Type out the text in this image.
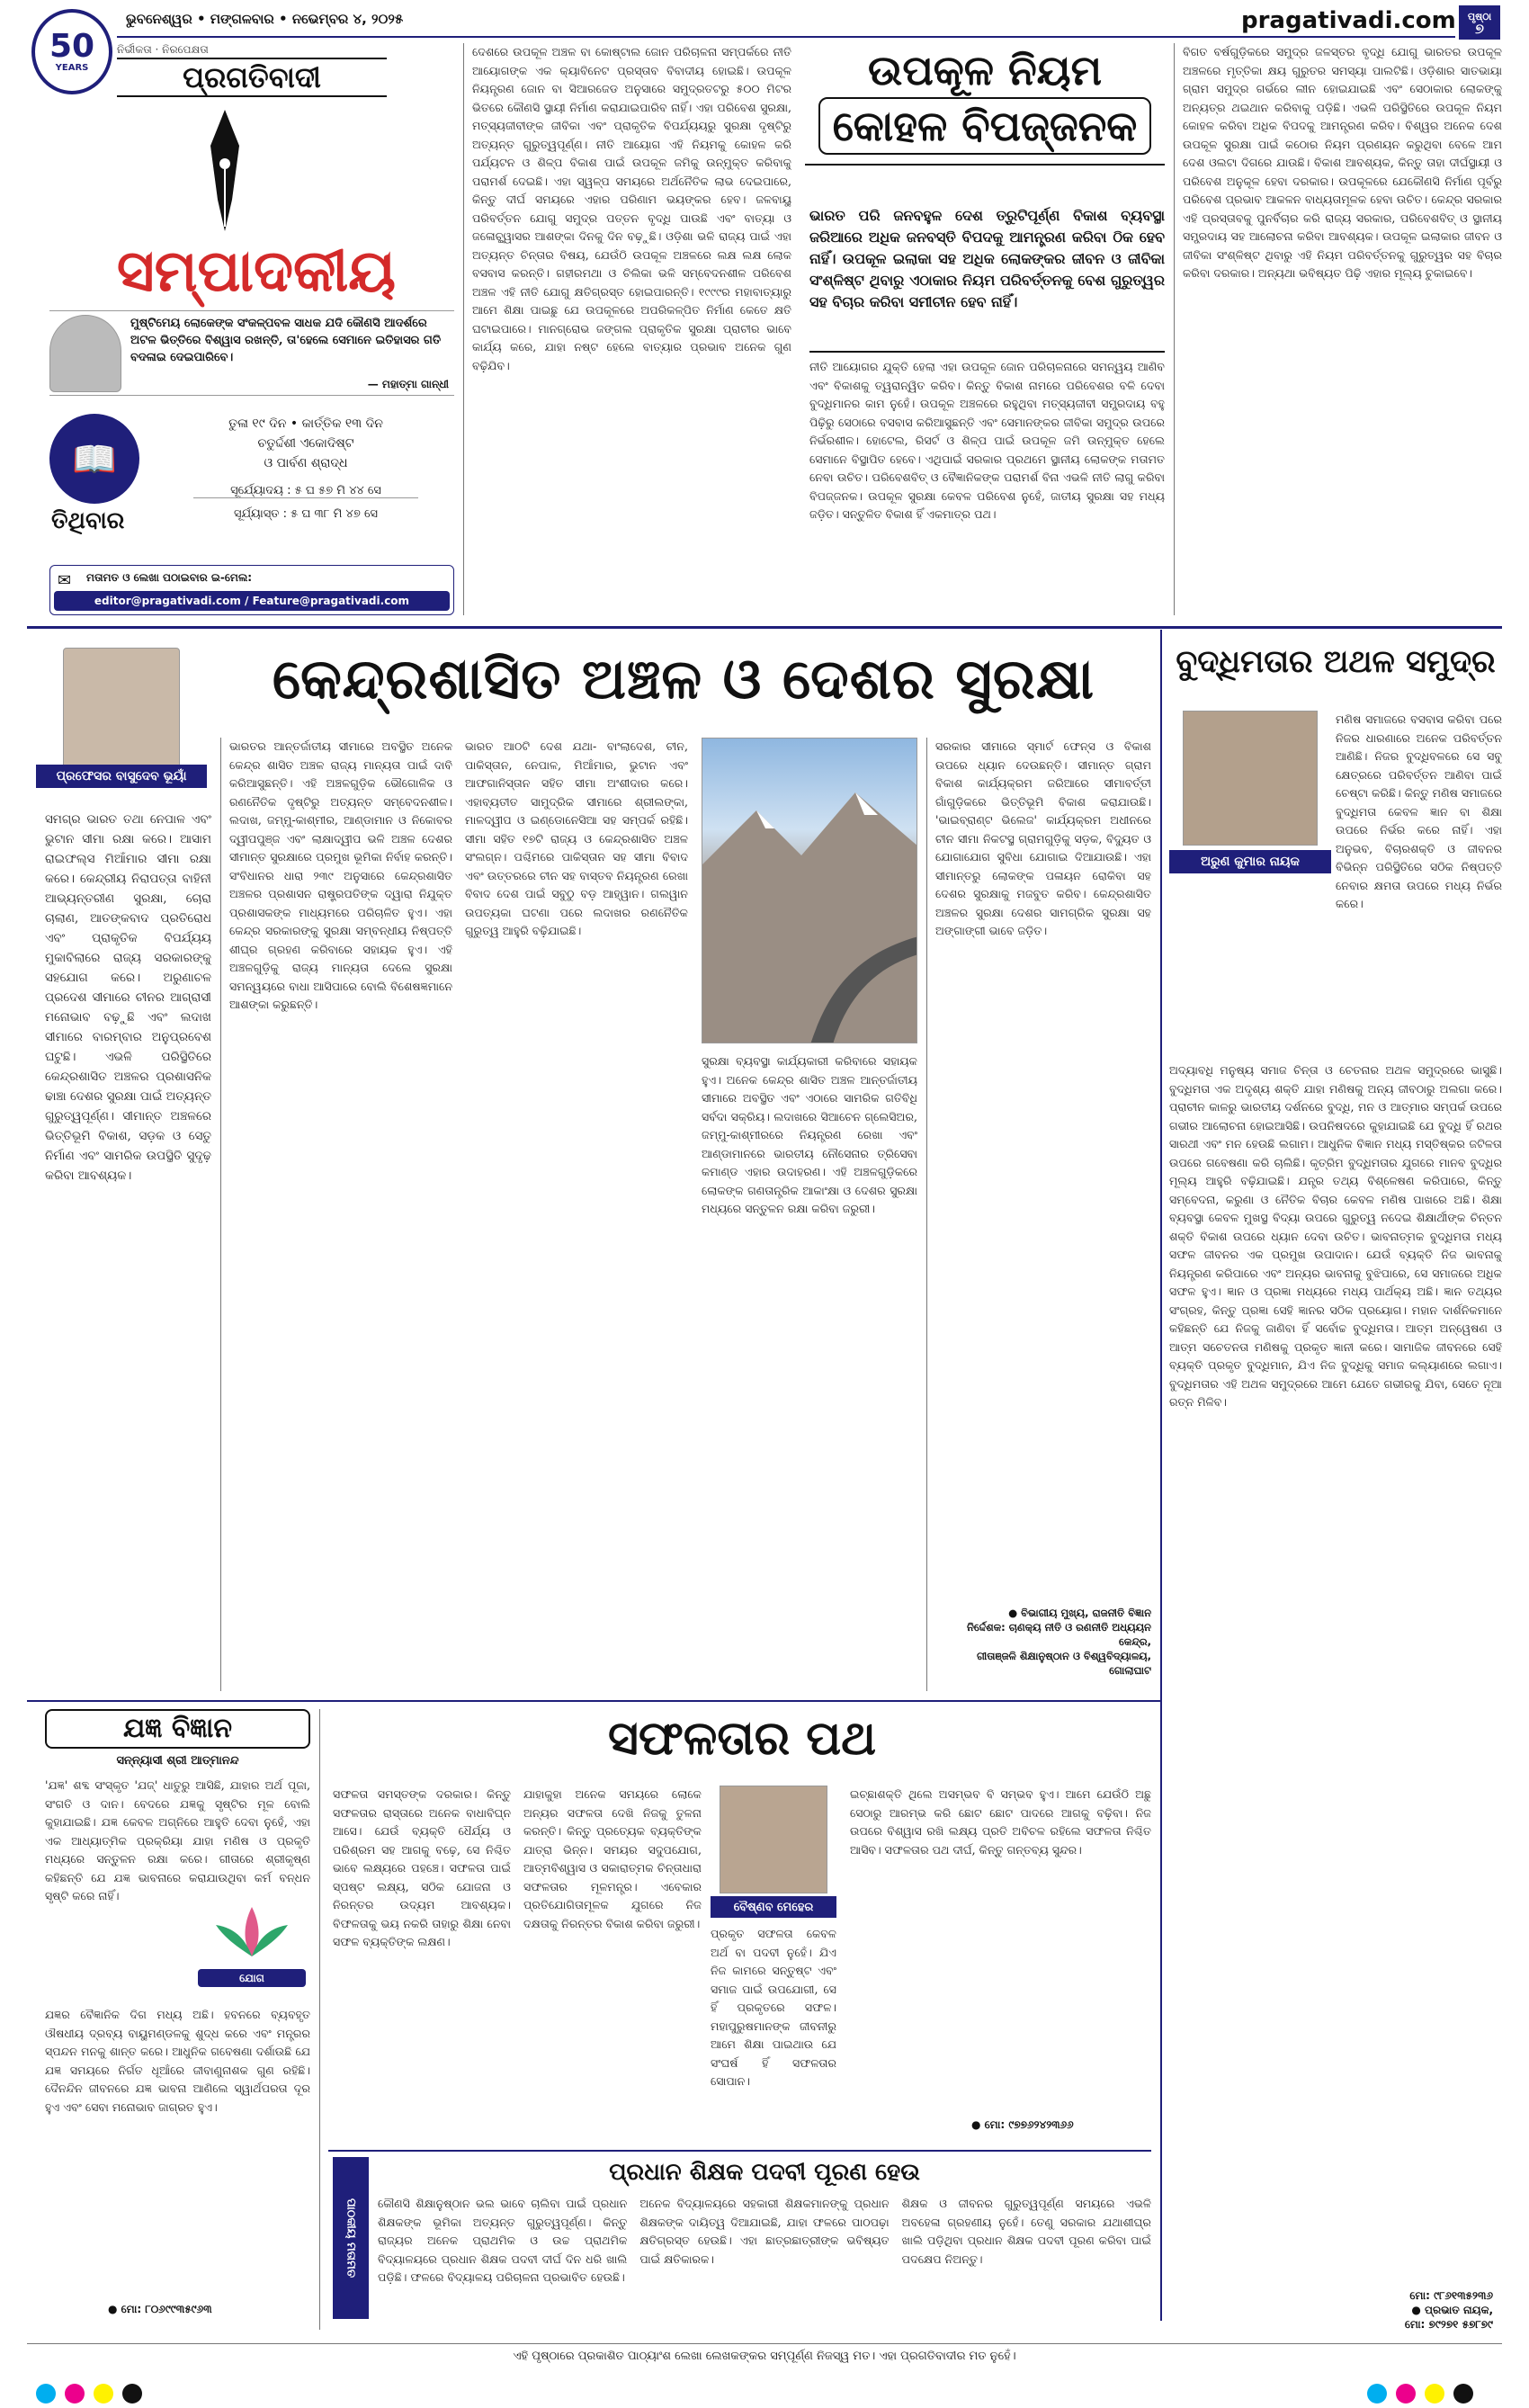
50
YEARS
ଭୁବନେଶ୍ୱର • ମଙ୍ଗଳବାର • ନଭେମ୍ବର ୪, ୨୦୨୫	pragativadi.com ପୃଷ୍ଠା
୭
ନିର୍ଭୀକତା · ନିରପେକ୍ଷତା
ପ୍ରଗତିବାଦୀ
ସମ୍ପାଦକୀୟ
ମୁଷ୍ଟିମେୟ ଲୋକେଙ୍କ ସଂକଳ୍ପବଳ ସାଧକ ଯଦି କୌଣସି ଆଦର୍ଶରେ ଅଟଳ ଭିତ୍ତିରେ ବିଶ୍ୱାସ ରଖନ୍ତି, ତା'ହେଲେ ସେମାନେ ଇତିହାସର ଗତି ବଦଳାଇ ଦେଇପାରିବେ।
— ମହାତ୍ମା ଗାନ୍ଧୀ
📖
ତିଥିବାର
ତୁଳା ୧୯ ଦିନ • କାର୍ତ୍ତିକ ୧୩ ଦିନ
ଚତୁର୍ଦ୍ଦଶୀ ଏକୋଦିଷ୍ଟ
ଓ ପାର୍ବଣ ଶ୍ରାଦ୍ଧ
ସୂର୍ଯ୍ୟୋଦୟ : ୫ ଘ ୫୭ ମି ୪୪ ସେ
ସୂର୍ଯ୍ୟାସ୍ତ : ୫ ଘ ୩୮ ମି ୪୭ ସେ
✉ ମତାମତ ଓ ଲେଖା ପଠାଇବାର ଇ-ମେଲ:
editor@pragativadi.com / Feature@pragativadi.com
ଦେଶରେ ଉପକୂଳ ଅଞ୍ଚଳ ବା କୋଷ୍ଟାଲ ଜୋନ ପରିଚାଳନା ସମ୍ପର୍କରେ ନୀତି ଆୟୋଗଙ୍କ ଏକ କ୍ୟାବିନେଟ ପ୍ରସ୍ତାବ ବିବାଦୀୟ ହୋଇଛି। ଉପକୂଳ ନିୟନ୍ତ୍ରଣ ଜୋନ ବା ସିଆରଜେଡ ଅନୁସାରେ ସମୁଦ୍ରତଟରୁ ୫୦୦ ମିଟର ଭିତରେ କୌଣସି ସ୍ଥାୟୀ ନିର୍ମାଣ କରାଯାଇପାରିବ ନାହିଁ। ଏହା ପରିବେଶ ସୁରକ୍ଷା, ମତ୍ସ୍ୟଜୀବୀଙ୍କ ଜୀବିକା ଏବଂ ପ୍ରାକୃତିକ ବିପର୍ଯ୍ୟୟରୁ ସୁରକ୍ଷା ଦୃଷ୍ଟିରୁ ଅତ୍ୟନ୍ତ ଗୁରୁତ୍ୱପୂର୍ଣ୍ଣ। ନୀତି ଆୟୋଗ ଏହି ନିୟମକୁ କୋହଳ କରି ପର୍ଯ୍ୟଟନ ଓ ଶିଳ୍ପ ବିକାଶ ପାଇଁ ଉପକୂଳ ଜମିକୁ ଉନ୍ମୁକ୍ତ କରିବାକୁ ପରାମର୍ଶ ଦେଇଛି। ଏହା ସ୍ୱଳ୍ପ ସମୟରେ ଅର୍ଥନୈତିକ ଲାଭ ଦେଇପାରେ, କିନ୍ତୁ ଦୀର୍ଘ ସମୟରେ ଏହାର ପରିଣାମ ଭୟଙ୍କର ହେବ। ଜଳବାୟୁ ପରିବର୍ତ୍ତନ ଯୋଗୁ ସମୁଦ୍ର ପତ୍ତନ ବୃଦ୍ଧି ପାଉଛି ଏବଂ ବାତ୍ୟା ଓ ଜଳୋଚ୍ଛ୍ୱାସର ଆଶଙ୍କା ଦିନକୁ ଦିନ ବଢ଼ୁଛି। ଓଡ଼ିଶା ଭଳି ରାଜ୍ୟ ପାଇଁ ଏହା ଅତ୍ୟନ୍ତ ଚିନ୍ତାର ବିଷୟ, ଯେଉଁଠି ଉପକୂଳ ଅଞ୍ଚଳରେ ଲକ୍ଷ ଲକ୍ଷ ଲୋକ ବସବାସ କରନ୍ତି। ଗହୀରମଥା ଓ ଚିଲିକା ଭଳି ସମ୍ବେଦନଶୀଳ ପରିବେଶ ଅଞ୍ଚଳ ଏହି ନୀତି ଯୋଗୁ କ୍ଷତିଗ୍ରସ୍ତ ହୋଇପାରନ୍ତି। ୧୯୯୯ର ମହାବାତ୍ୟାରୁ ଆମେ ଶିକ୍ଷା ପାଇଛୁ ଯେ ଉପକୂଳରେ ଅପରିକଳ୍ପିତ ନିର୍ମାଣ କେତେ କ୍ଷତି ଘଟାଇପାରେ। ମାନଗ୍ରୋଭ ଜଙ୍ଗଲ ପ୍ରାକୃତିକ ସୁରକ୍ଷା ପ୍ରାଚୀର ଭାବେ କାର୍ଯ୍ୟ କରେ, ଯାହା ନଷ୍ଟ ହେଲେ ବାତ୍ୟାର ପ୍ରଭାବ ଅନେକ ଗୁଣ ବଢ଼ିଯିବ।
ଉପକୂଳ ନିୟମ
କୋହଳ ବିପଜ୍ଜନକ
ଭାରତ ପରି ଜନବହୁଳ ଦେଶ ତ୍ରୁଟିପୂର୍ଣ୍ଣ ବିକାଶ ବ୍ୟବସ୍ଥା ଜରିଆରେ ଅଧିକ ଜନବସ୍ତି ବିପଦକୁ ଆମନ୍ତ୍ରଣ କରିବା ଠିକ ହେବ ନାହିଁ। ଉପକୂଳ ଇଲାକା ସହ ଅଧିକ ଲୋକଙ୍କର ଜୀବନ ଓ ଜୀବିକା ସଂଶ୍ଳିଷ୍ଟ ଥିବାରୁ ଏଠାକାର ନିୟମ ପରିବର୍ତ୍ତନକୁ ବେଶ ଗୁରୁତ୍ୱର ସହ ବିଚାର କରିବା ସମୀଚୀନ ହେବ ନାହିଁ।
ନୀତି ଆୟୋଗର ଯୁକ୍ତି ହେଲା ଏହା ଉପକୂଳ ଜୋନ ପରିଚାଳନାରେ ସମନ୍ୱୟ ଆଣିବ ଏବଂ ବିକାଶକୁ ତ୍ୱରାନ୍ୱିତ କରିବ। କିନ୍ତୁ ବିକାଶ ନାମରେ ପରିବେଶର ବଳି ଦେବା ବୁଦ୍ଧିମାନର କାମ ନୁହେଁ। ଉପକୂଳ ଅଞ୍ଚଳରେ ରହୁଥିବା ମତ୍ସ୍ୟଜୀବୀ ସମ୍ପ୍ରଦାୟ ବହୁ ପିଢ଼ିରୁ ସେଠାରେ ବସବାସ କରିଆସୁଛନ୍ତି ଏବଂ ସେମାନଙ୍କର ଜୀବିକା ସମୁଦ୍ର ଉପରେ ନିର୍ଭରଶୀଳ। ହୋଟେଲ, ରିସର୍ଟ ଓ ଶିଳ୍ପ ପାଇଁ ଉପକୂଳ ଜମି ଉନ୍ମୁକ୍ତ ହେଲେ ସେମାନେ ବିସ୍ଥାପିତ ହେବେ। ଏଥିପାଇଁ ସରକାର ପ୍ରଥମେ ସ୍ଥାନୀୟ ଲୋକଙ୍କ ମତାମତ ନେବା ଉଚିତ। ପରିବେଶବିତ୍ ଓ ବୈଜ୍ଞାନିକଙ୍କ ପରାମର୍ଶ ବିନା ଏଭଳି ନୀତି ଲାଗୁ କରିବା ବିପଜ୍ଜନକ। ଉପକୂଳ ସୁରକ୍ଷା କେବଳ ପରିବେଶ ନୁହେଁ, ଜାତୀୟ ସୁରକ୍ଷା ସହ ମଧ୍ୟ ଜଡ଼ିତ। ସନ୍ତୁଳିତ ବିକାଶ ହିଁ ଏକମାତ୍ର ପଥ।
ବିଗତ ବର୍ଷଗୁଡ଼ିକରେ ସମୁଦ୍ର ଜଳସ୍ତର ବୃଦ୍ଧି ଯୋଗୁ ଭାରତର ଉପକୂଳ ଅଞ୍ଚଳରେ ମୃତ୍ତିକା କ୍ଷୟ ଗୁରୁତର ସମସ୍ୟା ପାଲଟିଛି। ଓଡ଼ିଶାର ସାତଭାୟା ଗ୍ରାମ ସମୁଦ୍ର ଗର୍ଭରେ ଲୀନ ହୋଇଯାଇଛି ଏବଂ ସେଠାକାର ଲୋକଙ୍କୁ ଅନ୍ୟତ୍ର ଥଇଥାନ କରିବାକୁ ପଡ଼ିଛି। ଏଭଳି ପରିସ୍ଥିତିରେ ଉପକୂଳ ନିୟମ କୋହଳ କରିବା ଅଧିକ ବିପଦକୁ ଆମନ୍ତ୍ରଣ କରିବ। ବିଶ୍ୱର ଅନେକ ଦେଶ ଉପକୂଳ ସୁରକ୍ଷା ପାଇଁ କଠୋର ନିୟମ ପ୍ରଣୟନ କରୁଥିବା ବେଳେ ଆମ ଦେଶ ଓଲଟା ଦିଗରେ ଯାଉଛି। ବିକାଶ ଆବଶ୍ୟକ, କିନ୍ତୁ ତାହା ଦୀର୍ଘସ୍ଥାୟୀ ଓ ପରିବେଶ ଅନୁକୂଳ ହେବା ଦରକାର। ଉପକୂଳରେ ଯେକୌଣସି ନିର୍ମାଣ ପୂର୍ବରୁ ପରିବେଶ ପ୍ରଭାବ ଆକଳନ ବାଧ୍ୟତାମୂଳକ ହେବା ଉଚିତ। କେନ୍ଦ୍ର ସରକାର ଏହି ପ୍ରସ୍ତାବକୁ ପୁନର୍ବିଚାର କରି ରାଜ୍ୟ ସରକାର, ପରିବେଶବିତ୍ ଓ ସ୍ଥାନୀୟ ସମ୍ପ୍ରଦାୟ ସହ ଆଲୋଚନା କରିବା ଆବଶ୍ୟକ। ଉପକୂଳ ଇଲାକାର ଜୀବନ ଓ ଜୀବିକା ସଂଶ୍ଳିଷ୍ଟ ଥିବାରୁ ଏହି ନିୟମ ପରିବର୍ତ୍ତନକୁ ଗୁରୁତ୍ୱର ସହ ବିଚାର କରିବା ଦରକାର। ଅନ୍ୟଥା ଭବିଷ୍ୟତ ପିଢ଼ି ଏହାର ମୂଲ୍ୟ ଚୁକାଇବେ।
ପ୍ରଫେସର ବାସୁଦେବ ଭୂୟାଁ
କେନ୍ଦ୍ରଶାସିତ ଅଞ୍ଚଳ ଓ ଦେଶର ସୁରକ୍ଷା
ସମଗ୍ର ଭାରତ ତଥା ନେପାଳ ଏବଂ ଭୁଟାନ ସୀମା ରକ୍ଷା କରେ। ଆସାମ ରାଇଫଲ୍ସ ମିଆଁମାର ସୀମା ରକ୍ଷା କରେ। କେନ୍ଦ୍ରୀୟ ନିରାପତ୍ତା ବାହିନୀ ଆଭ୍ୟନ୍ତରୀଣ ସୁରକ୍ଷା, ଚୋରା ଚାଲାଣ, ଆତଙ୍କବାଦ ପ୍ରତିରୋଧ ଏବଂ ପ୍ରାକୃତିକ ବିପର୍ଯ୍ୟୟ ମୁକାବିଲାରେ ରାଜ୍ୟ ସରକାରଙ୍କୁ ସହଯୋଗ କରେ। ଅରୁଣାଚଳ ପ୍ରଦେଶ ସୀମାରେ ଚୀନର ଆଗ୍ରାସୀ ମନୋଭାବ ବଢ଼ୁଛି ଏବଂ ଲଦାଖ ସୀମାରେ ବାରମ୍ବାର ଅନୁପ୍ରବେଶ ଘଟୁଛି। ଏଭଳି ପରିସ୍ଥିତିରେ କେନ୍ଦ୍ରଶାସିତ ଅଞ୍ଚଳର ପ୍ରଶାସନିକ ଢାଞ୍ଚା ଦେଶର ସୁରକ୍ଷା ପାଇଁ ଅତ୍ୟନ୍ତ ଗୁରୁତ୍ୱପୂର୍ଣ୍ଣ। ସୀମାନ୍ତ ଅଞ୍ଚଳରେ ଭିତ୍ତିଭୂମି ବିକାଶ, ସଡ଼କ ଓ ସେତୁ ନିର୍ମାଣ ଏବଂ ସାମରିକ ଉପସ୍ଥିତି ସୁଦୃଢ଼ କରିବା ଆବଶ୍ୟକ।
ଭାରତର ଆନ୍ତର୍ଜାତୀୟ ସୀମାରେ ଅବସ୍ଥିତ ଅନେକ କେନ୍ଦ୍ର ଶାସିତ ଅଞ୍ଚଳ ରାଜ୍ୟ ମାନ୍ୟତା ପାଇଁ ଦାବି କରିଆସୁଛନ୍ତି। ଏହି ଅଞ୍ଚଳଗୁଡ଼ିକ ଭୌଗୋଳିକ ଓ ରଣନୈତିକ ଦୃଷ୍ଟିରୁ ଅତ୍ୟନ୍ତ ସମ୍ବେଦନଶୀଳ। ଲଦାଖ, ଜମ୍ମୁ-କାଶ୍ମୀର, ଆଣ୍ଡାମାନ ଓ ନିକୋବର ଦ୍ୱୀପପୁଞ୍ଜ ଏବଂ ଲାକ୍ଷାଦ୍ୱୀପ ଭଳି ଅଞ୍ଚଳ ଦେଶର ସୀମାନ୍ତ ସୁରକ୍ଷାରେ ପ୍ରମୁଖ ଭୂମିକା ନିର୍ବାହ କରନ୍ତି। ସଂବିଧାନର ଧାରା ୨୩୯ ଅନୁସାରେ କେନ୍ଦ୍ରଶାସିତ ଅଞ୍ଚଳର ପ୍ରଶାସନ ରାଷ୍ଟ୍ରପତିଙ୍କ ଦ୍ୱାରା ନିଯୁକ୍ତ ପ୍ରଶାସକଙ୍କ ମାଧ୍ୟମରେ ପରିଚାଳିତ ହୁଏ। ଏହା କେନ୍ଦ୍ର ସରକାରଙ୍କୁ ସୁରକ୍ଷା ସମ୍ବନ୍ଧୀୟ ନିଷ୍ପତ୍ତି ଶୀଘ୍ର ଗ୍ରହଣ କରିବାରେ ସହାୟକ ହୁଏ। ଏହି ଅଞ୍ଚଳଗୁଡ଼ିକୁ ରାଜ୍ୟ ମାନ୍ୟତା ଦେଲେ ସୁରକ୍ଷା ସମନ୍ୱୟରେ ବାଧା ଆସିପାରେ ବୋଲି ବିଶେଷଜ୍ଞମାନେ ଆଶଙ୍କା କରୁଛନ୍ତି।
ଭାରତ ଆଠଟି ଦେଶ ଯଥା- ବାଂଲାଦେଶ, ଚୀନ, ପାକିସ୍ତାନ, ନେପାଳ, ମିଆଁମାର, ଭୁଟାନ ଏବଂ ଆଫଗାନିସ୍ତାନ ସହିତ ସୀମା ଅଂଶୀଦାର କରେ। ଏହାବ୍ୟତୀତ ସାମୁଦ୍ରିକ ସୀମାରେ ଶ୍ରୀଲଙ୍କା, ମାଳଦ୍ୱୀପ ଓ ଇଣ୍ଡୋନେସିଆ ସହ ସମ୍ପର୍କ ରହିଛି। ସୀମା ସହିତ ୧୭ଟି ରାଜ୍ୟ ଓ କେନ୍ଦ୍ରଶାସିତ ଅଞ୍ଚଳ ସଂଲଗ୍ନ। ପଶ୍ଚିମରେ ପାକିସ୍ତାନ ସହ ସୀମା ବିବାଦ ଏବଂ ଉତ୍ତରରେ ଚୀନ ସହ ବାସ୍ତବ ନିୟନ୍ତ୍ରଣ ରେଖା ବିବାଦ ଦେଶ ପାଇଁ ସବୁଠୁ ବଡ଼ ଆହ୍ୱାନ। ଗଲୱାନ ଉପତ୍ୟକା ଘଟଣା ପରେ ଲଦାଖର ରଣନୈତିକ ଗୁରୁତ୍ୱ ଆହୁରି ବଢ଼ିଯାଇଛି।
ସୁରକ୍ଷା ବ୍ୟବସ୍ଥା କାର୍ଯ୍ୟକାରୀ କରିବାରେ ସହାୟକ ହୁଏ। ଅନେକ କେନ୍ଦ୍ର ଶାସିତ ଅଞ୍ଚଳ ଆନ୍ତର୍ଜାତୀୟ ସୀମାରେ ଅବସ୍ଥିତ ଏବଂ ଏଠାରେ ସାମରିକ ଗତିବିଧି ସର୍ବଦା ସକ୍ରିୟ। ଲଦାଖରେ ସିଆଚେନ ଗ୍ଲେସିଅର, ଜମ୍ମୁ-କାଶ୍ମୀରରେ ନିୟନ୍ତ୍ରଣ ରେଖା ଏବଂ ଆଣ୍ଡାମାନରେ ଭାରତୀୟ ନୌସେନାର ତ୍ରିସେବା କମାଣ୍ଡ ଏହାର ଉଦାହରଣ। ଏହି ଅଞ୍ଚଳଗୁଡ଼ିକରେ ଲୋକଙ୍କ ଗଣତାନ୍ତ୍ରିକ ଆକାଂକ୍ଷା ଓ ଦେଶର ସୁରକ୍ଷା ମଧ୍ୟରେ ସନ୍ତୁଳନ ରକ୍ଷା କରିବା ଜରୁରୀ।
ସରକାର ସୀମାରେ ସ୍ମାର୍ଟ ଫେନ୍ସ ଓ ବିକାଶ ଉପରେ ଧ୍ୟାନ ଦେଉଛନ୍ତି। ସୀମାନ୍ତ ଗ୍ରାମ ବିକାଶ କାର୍ଯ୍ୟକ୍ରମ ଜରିଆରେ ସୀମାବର୍ତ୍ତୀ ଗାଁଗୁଡ଼ିକରେ ଭିତ୍ତିଭୂମି ବିକାଶ କରାଯାଉଛି। 'ଭାଇବ୍ରାଣ୍ଟ ଭିଲେଜ' କାର୍ଯ୍ୟକ୍ରମ ଅଧୀନରେ ଚୀନ ସୀମା ନିକଟସ୍ଥ ଗ୍ରାମଗୁଡ଼ିକୁ ସଡ଼କ, ବିଦ୍ୟୁତ ଓ ଯୋଗାଯୋଗ ସୁବିଧା ଯୋଗାଇ ଦିଆଯାଉଛି। ଏହା ସୀମାନ୍ତରୁ ଲୋକଙ୍କ ପଳାୟନ ରୋକିବା ସହ ଦେଶର ସୁରକ୍ଷାକୁ ମଜବୁତ କରିବ। କେନ୍ଦ୍ରଶାସିତ ଅଞ୍ଚଳର ସୁରକ୍ଷା ଦେଶର ସାମଗ୍ରିକ ସୁରକ୍ଷା ସହ ଅଙ୍ଗାଙ୍ଗୀ ଭାବେ ଜଡ଼ିତ।
● ବିଭାଗୀୟ ମୁଖ୍ୟ, ରାଜନୀତି ବିଜ୍ଞାନ
ନିର୍ଦ୍ଦେଶକ: ଚାଣକ୍ୟ ନୀତି ଓ ରଣନୀତି ଅଧ୍ୟୟନ କେନ୍ଦ୍ର,
ଗୀତାଞ୍ଜଳି ଶିକ୍ଷାନୁଷ୍ଠାନ ଓ ବିଶ୍ୱବିଦ୍ୟାଳୟ, ଗୋଲାଘାଟ
ବୁଦ୍ଧିମତାର ଅଥଳ ସମୁଦ୍ର
ଅରୁଣ କୁମାର ନାୟକ
ମଣିଷ ସମାଜରେ ବସବାସ କରିବା ପରେ ନିଜର ଧାରଣାରେ ଅନେକ ପରିବର୍ତ୍ତନ ଆଣିଛି। ନିଜର ବୁଦ୍ଧିବଳରେ ସେ ସବୁ କ୍ଷେତ୍ରରେ ପରିବର୍ତ୍ତନ ଆଣିବା ପାଇଁ ଚେଷ୍ଟା କରିଛି। କିନ୍ତୁ ମଣିଷ ସମାଜରେ ବୁଦ୍ଧିମତା କେବଳ ଜ୍ଞାନ ବା ଶିକ୍ଷା ଉପରେ ନିର୍ଭର କରେ ନାହିଁ। ଏହା ଅନୁଭବ, ବିଚାରଶକ୍ତି ଓ ଜୀବନର ବିଭିନ୍ନ ପରିସ୍ଥିତିରେ ସଠିକ ନିଷ୍ପତ୍ତି ନେବାର କ୍ଷମତା ଉପରେ ମଧ୍ୟ ନିର୍ଭର କରେ।
ଅଦ୍ୟାବଧି ମନୁଷ୍ୟ ସମାଜ ଚିନ୍ତା ଓ ଚେତନାର ଅଥଳ ସମୁଦ୍ରରେ ଭାସୁଛି। ବୁଦ୍ଧିମତା ଏକ ଅଦୃଶ୍ୟ ଶକ୍ତି ଯାହା ମଣିଷକୁ ଅନ୍ୟ ଜୀବଠାରୁ ଅଲଗା କରେ। ପ୍ରାଚୀନ କାଳରୁ ଭାରତୀୟ ଦର୍ଶନରେ ବୁଦ୍ଧି, ମନ ଓ ଆତ୍ମାର ସମ୍ପର୍କ ଉପରେ ଗଭୀର ଆଲୋଚନା ହୋଇଆସିଛି। ଉପନିଷଦରେ କୁହାଯାଇଛି ଯେ ବୁଦ୍ଧି ହିଁ ରଥର ସାରଥୀ ଏବଂ ମନ ହେଉଛି ଲଗାମ। ଆଧୁନିକ ବିଜ୍ଞାନ ମଧ୍ୟ ମସ୍ତିଷ୍କର ଜଟିଳତା ଉପରେ ଗବେଷଣା କରି ଚାଲିଛି। କୃତ୍ରିମ ବୁଦ୍ଧିମତାର ଯୁଗରେ ମାନବ ବୁଦ୍ଧିର ମୂଲ୍ୟ ଆହୁରି ବଢ଼ିଯାଇଛି। ଯନ୍ତ୍ର ତଥ୍ୟ ବିଶ୍ଳେଷଣ କରିପାରେ, କିନ୍ତୁ ସମ୍ବେଦନା, କରୁଣା ଓ ନୈତିକ ବିଚାର କେବଳ ମଣିଷ ପାଖରେ ଅଛି। ଶିକ୍ଷା ବ୍ୟବସ୍ଥା କେବଳ ମୁଖସ୍ଥ ବିଦ୍ୟା ଉପରେ ଗୁରୁତ୍ୱ ନଦେଇ ଶିକ୍ଷାର୍ଥୀଙ୍କ ଚିନ୍ତନ ଶକ୍ତି ବିକାଶ ଉପରେ ଧ୍ୟାନ ଦେବା ଉଚିତ। ଭାବନାତ୍ମକ ବୁଦ୍ଧିମତା ମଧ୍ୟ ସଫଳ ଜୀବନର ଏକ ପ୍ରମୁଖ ଉପାଦାନ। ଯେଉଁ ବ୍ୟକ୍ତି ନିଜ ଭାବନାକୁ ନିୟନ୍ତ୍ରଣ କରିପାରେ ଏବଂ ଅନ୍ୟର ଭାବନାକୁ ବୁଝିପାରେ, ସେ ସମାଜରେ ଅଧିକ ସଫଳ ହୁଏ। ଜ୍ଞାନ ଓ ପ୍ରଜ୍ଞା ମଧ୍ୟରେ ମଧ୍ୟ ପାର୍ଥକ୍ୟ ଅଛି। ଜ୍ଞାନ ତଥ୍ୟର ସଂଗ୍ରହ, କିନ୍ତୁ ପ୍ରଜ୍ଞା ସେହି ଜ୍ଞାନର ସଠିକ ପ୍ରୟୋଗ। ମହାନ ଦାର୍ଶନିକମାନେ କହିଛନ୍ତି ଯେ ନିଜକୁ ଜାଣିବା ହିଁ ସର୍ବୋଚ୍ଚ ବୁଦ୍ଧିମତା। ଆତ୍ମ ଅନ୍ୱେଷଣ ଓ ଆତ୍ମ ସଚେତନତା ମଣିଷକୁ ପ୍ରକୃତ ଜ୍ଞାନୀ କରେ। ସାମାଜିକ ଜୀବନରେ ସେହି ବ୍ୟକ୍ତି ପ୍ରକୃତ ବୁଦ୍ଧିମାନ, ଯିଏ ନିଜ ବୁଦ୍ଧିକୁ ସମାଜ କଲ୍ୟାଣରେ ଲଗାଏ। ବୁଦ୍ଧିମତାର ଏହି ଅଥଳ ସମୁଦ୍ରରେ ଆମେ ଯେତେ ଗଭୀରକୁ ଯିବା, ସେତେ ନୂଆ ରତ୍ନ ମିଳିବ।
ମୋ: ୯୮୬୧୩୫୨୩୬
ଯଜ୍ଞ ବିଜ୍ଞାନ
ସନ୍ନ୍ୟାସୀ ଶ୍ରୀ ଆତ୍ମାନନ୍ଦ
'ଯଜ୍ଞ' ଶବ୍ଦ ସଂସ୍କୃତ 'ଯଜ୍' ଧାତୁରୁ ଆସିଛି, ଯାହାର ଅର୍ଥ ପୂଜା, ସଂଗତି ଓ ଦାନ। ବେଦରେ ଯଜ୍ଞକୁ ସୃଷ୍ଟିର ମୂଳ ବୋଲି କୁହାଯାଇଛି। ଯଜ୍ଞ କେବଳ ଅଗ୍ନିରେ ଆହୁତି ଦେବା ନୁହେଁ, ଏହା ଏକ ଆଧ୍ୟାତ୍ମିକ ପ୍ରକ୍ରିୟା ଯାହା ମଣିଷ ଓ ପ୍ରକୃତି ମଧ୍ୟରେ ସନ୍ତୁଳନ ରକ୍ଷା କରେ। ଗୀତାରେ ଶ୍ରୀକୃଷ୍ଣ କହିଛନ୍ତି ଯେ ଯଜ୍ଞ ଭାବନାରେ କରାଯାଉଥିବା କର୍ମ ବନ୍ଧନ ସୃଷ୍ଟି କରେ ନାହିଁ।
ଯୋଗ
ଯଜ୍ଞର ବୈଜ୍ଞାନିକ ଦିଗ ମଧ୍ୟ ଅଛି। ହବନରେ ବ୍ୟବହୃତ ଔଷଧୀୟ ଦ୍ରବ୍ୟ ବାୟୁମଣ୍ଡଳକୁ ଶୁଦ୍ଧ କରେ ଏବଂ ମନ୍ତ୍ରର ସ୍ପନ୍ଦନ ମନକୁ ଶାନ୍ତ କରେ। ଆଧୁନିକ ଗବେଷଣା ଦର୍ଶାଉଛି ଯେ ଯଜ୍ଞ ସମୟରେ ନିର୍ଗତ ଧୂଆଁରେ ଜୀବାଣୁନାଶକ ଗୁଣ ରହିଛି। ଦୈନନ୍ଦିନ ଜୀବନରେ ଯଜ୍ଞ ଭାବନା ଆଣିଲେ ସ୍ୱାର୍ଥପରତା ଦୂର ହୁଏ ଏବଂ ସେବା ମନୋଭାବ ଜାଗ୍ରତ ହୁଏ।
● ମୋ: ୮୦୬୯୯୩୫୯୬୩
ସଫଳତାର ପଥ
ସଫଳତା ସମସ୍ତଙ୍କ ଦରକାର। କିନ୍ତୁ ସଫଳତାର ରାସ୍ତାରେ ଅନେକ ବାଧାବିଘ୍ନ ଆସେ। ଯେଉଁ ବ୍ୟକ୍ତି ଧୈର୍ଯ୍ୟ ଓ ପରିଶ୍ରମ ସହ ଆଗକୁ ବଢ଼େ, ସେ ନିଶ୍ଚିତ ଭାବେ ଲକ୍ଷ୍ୟରେ ପହଞ୍ଚେ। ସଫଳତା ପାଇଁ ସ୍ପଷ୍ଟ ଲକ୍ଷ୍ୟ, ସଠିକ ଯୋଜନା ଓ ନିରନ୍ତର ଉଦ୍ୟମ ଆବଶ୍ୟକ। ବିଫଳତାକୁ ଭୟ ନକରି ତାହାରୁ ଶିକ୍ଷା ନେବା ସଫଳ ବ୍ୟକ୍ତିଙ୍କ ଲକ୍ଷଣ।
ଯାହାକୁହା ଅନେକ ସମୟରେ ଲୋକେ ଅନ୍ୟର ସଫଳତା ଦେଖି ନିଜକୁ ତୁଳନା କରନ୍ତି। କିନ୍ତୁ ପ୍ରତ୍ୟେକ ବ୍ୟକ୍ତିଙ୍କ ଯାତ୍ରା ଭିନ୍ନ। ସମୟର ସଦୁପଯୋଗ, ଆତ୍ମବିଶ୍ୱାସ ଓ ସକାରାତ୍ମକ ଚିନ୍ତାଧାରା ସଫଳତାର ମୂଳମନ୍ତ୍ର। ଏବେକାର ପ୍ରତିଯୋଗିତାମୂଳକ ଯୁଗରେ ନିଜ ଦକ୍ଷତାକୁ ନିରନ୍ତର ବିକାଶ କରିବା ଜରୁରୀ।
ବୈଷ୍ଣବ ମେହେର
ପ୍ରକୃତ ସଫଳତା କେବଳ ଅର୍ଥ ବା ପଦବୀ ନୁହେଁ। ଯିଏ ନିଜ କାମରେ ସନ୍ତୁଷ୍ଟ ଏବଂ ସମାଜ ପାଇଁ ଉପଯୋଗୀ, ସେ ହିଁ ପ୍ରକୃତରେ ସଫଳ। ମହାପୁରୁଷମାନଙ୍କ ଜୀବନୀରୁ ଆମେ ଶିକ୍ଷା ପାଇଥାଉ ଯେ ସଂଘର୍ଷ ହିଁ ସଫଳତାର ସୋପାନ।
ଇଚ୍ଛାଶକ୍ତି ଥିଲେ ଅସମ୍ଭବ ବି ସମ୍ଭବ ହୁଏ। ଆମେ ଯେଉଁଠି ଅଛୁ ସେଠାରୁ ଆରମ୍ଭ କରି ଛୋଟ ଛୋଟ ପାଦରେ ଆଗକୁ ବଢ଼ିବା। ନିଜ ଉପରେ ବିଶ୍ୱାସ ରଖି ଲକ୍ଷ୍ୟ ପ୍ରତି ଅବିଚଳ ରହିଲେ ସଫଳତା ନିଶ୍ଚିତ ଆସିବ। ସଫଳତାର ପଥ ଦୀର୍ଘ, କିନ୍ତୁ ଗନ୍ତବ୍ୟ ସୁନ୍ଦର।
● ମୋ: ୯୭୭୬୨୪୨୩୬୬
ପାଠକୀୟ ମତାମତ
ପ୍ରଧାନ ଶିକ୍ଷକ ପଦବୀ ପୂରଣ ହେଉ
କୌଣସି ଶିକ୍ଷାନୁଷ୍ଠାନ ଭଲ ଭାବେ ଚାଲିବା ପାଇଁ ପ୍ରଧାନ ଶିକ୍ଷକଙ୍କ ଭୂମିକା ଅତ୍ୟନ୍ତ ଗୁରୁତ୍ୱପୂର୍ଣ୍ଣ। କିନ୍ତୁ ରାଜ୍ୟର ଅନେକ ପ୍ରାଥମିକ ଓ ଉଚ୍ଚ ପ୍ରାଥମିକ ବିଦ୍ୟାଳୟରେ ପ୍ରଧାନ ଶିକ୍ଷକ ପଦବୀ ଦୀର୍ଘ ଦିନ ଧରି ଖାଲି ପଡ଼ିଛି। ଫଳରେ ବିଦ୍ୟାଳୟ ପରିଚାଳନା ପ୍ରଭାବିତ ହେଉଛି।
ଅନେକ ବିଦ୍ୟାଳୟରେ ସହକାରୀ ଶିକ୍ଷକମାନଙ୍କୁ ପ୍ରଧାନ ଶିକ୍ଷକଙ୍କ ଦାୟିତ୍ୱ ଦିଆଯାଇଛି, ଯାହା ଫଳରେ ପାଠପଢ଼ା କ୍ଷତିଗ୍ରସ୍ତ ହେଉଛି। ଏହା ଛାତ୍ରଛାତ୍ରୀଙ୍କ ଭବିଷ୍ୟତ ପାଇଁ କ୍ଷତିକାରକ।
ଶିକ୍ଷକ ଓ ଜୀବନର ଗୁରୁତ୍ୱପୂର୍ଣ୍ଣ ସମୟରେ ଏଭଳି ଅବହେଳା ଗ୍ରହଣୀୟ ନୁହେଁ। ତେଣୁ ସରକାର ଯଥାଶୀଘ୍ର ଖାଲି ପଡ଼ିଥିବା ପ୍ରଧାନ ଶିକ୍ଷକ ପଦବୀ ପୂରଣ କରିବା ପାଇଁ ପଦକ୍ଷେପ ନିଅନ୍ତୁ।
● ପ୍ରଭାତ ନାୟକ,
ମୋ: ୭୯୨୭୧ ୫୭୮୭୯
ଏହି ପୃଷ୍ଠାରେ ପ୍ରକାଶିତ ପାଠ୍ୟାଂଶ ଲେଖା ଲେଖକଙ୍କର ସମ୍ପୂର୍ଣ୍ଣ ନିଜସ୍ୱ ମତ। ଏହା ପ୍ରଗତିବାଦୀର ମତ ନୁହେଁ।
